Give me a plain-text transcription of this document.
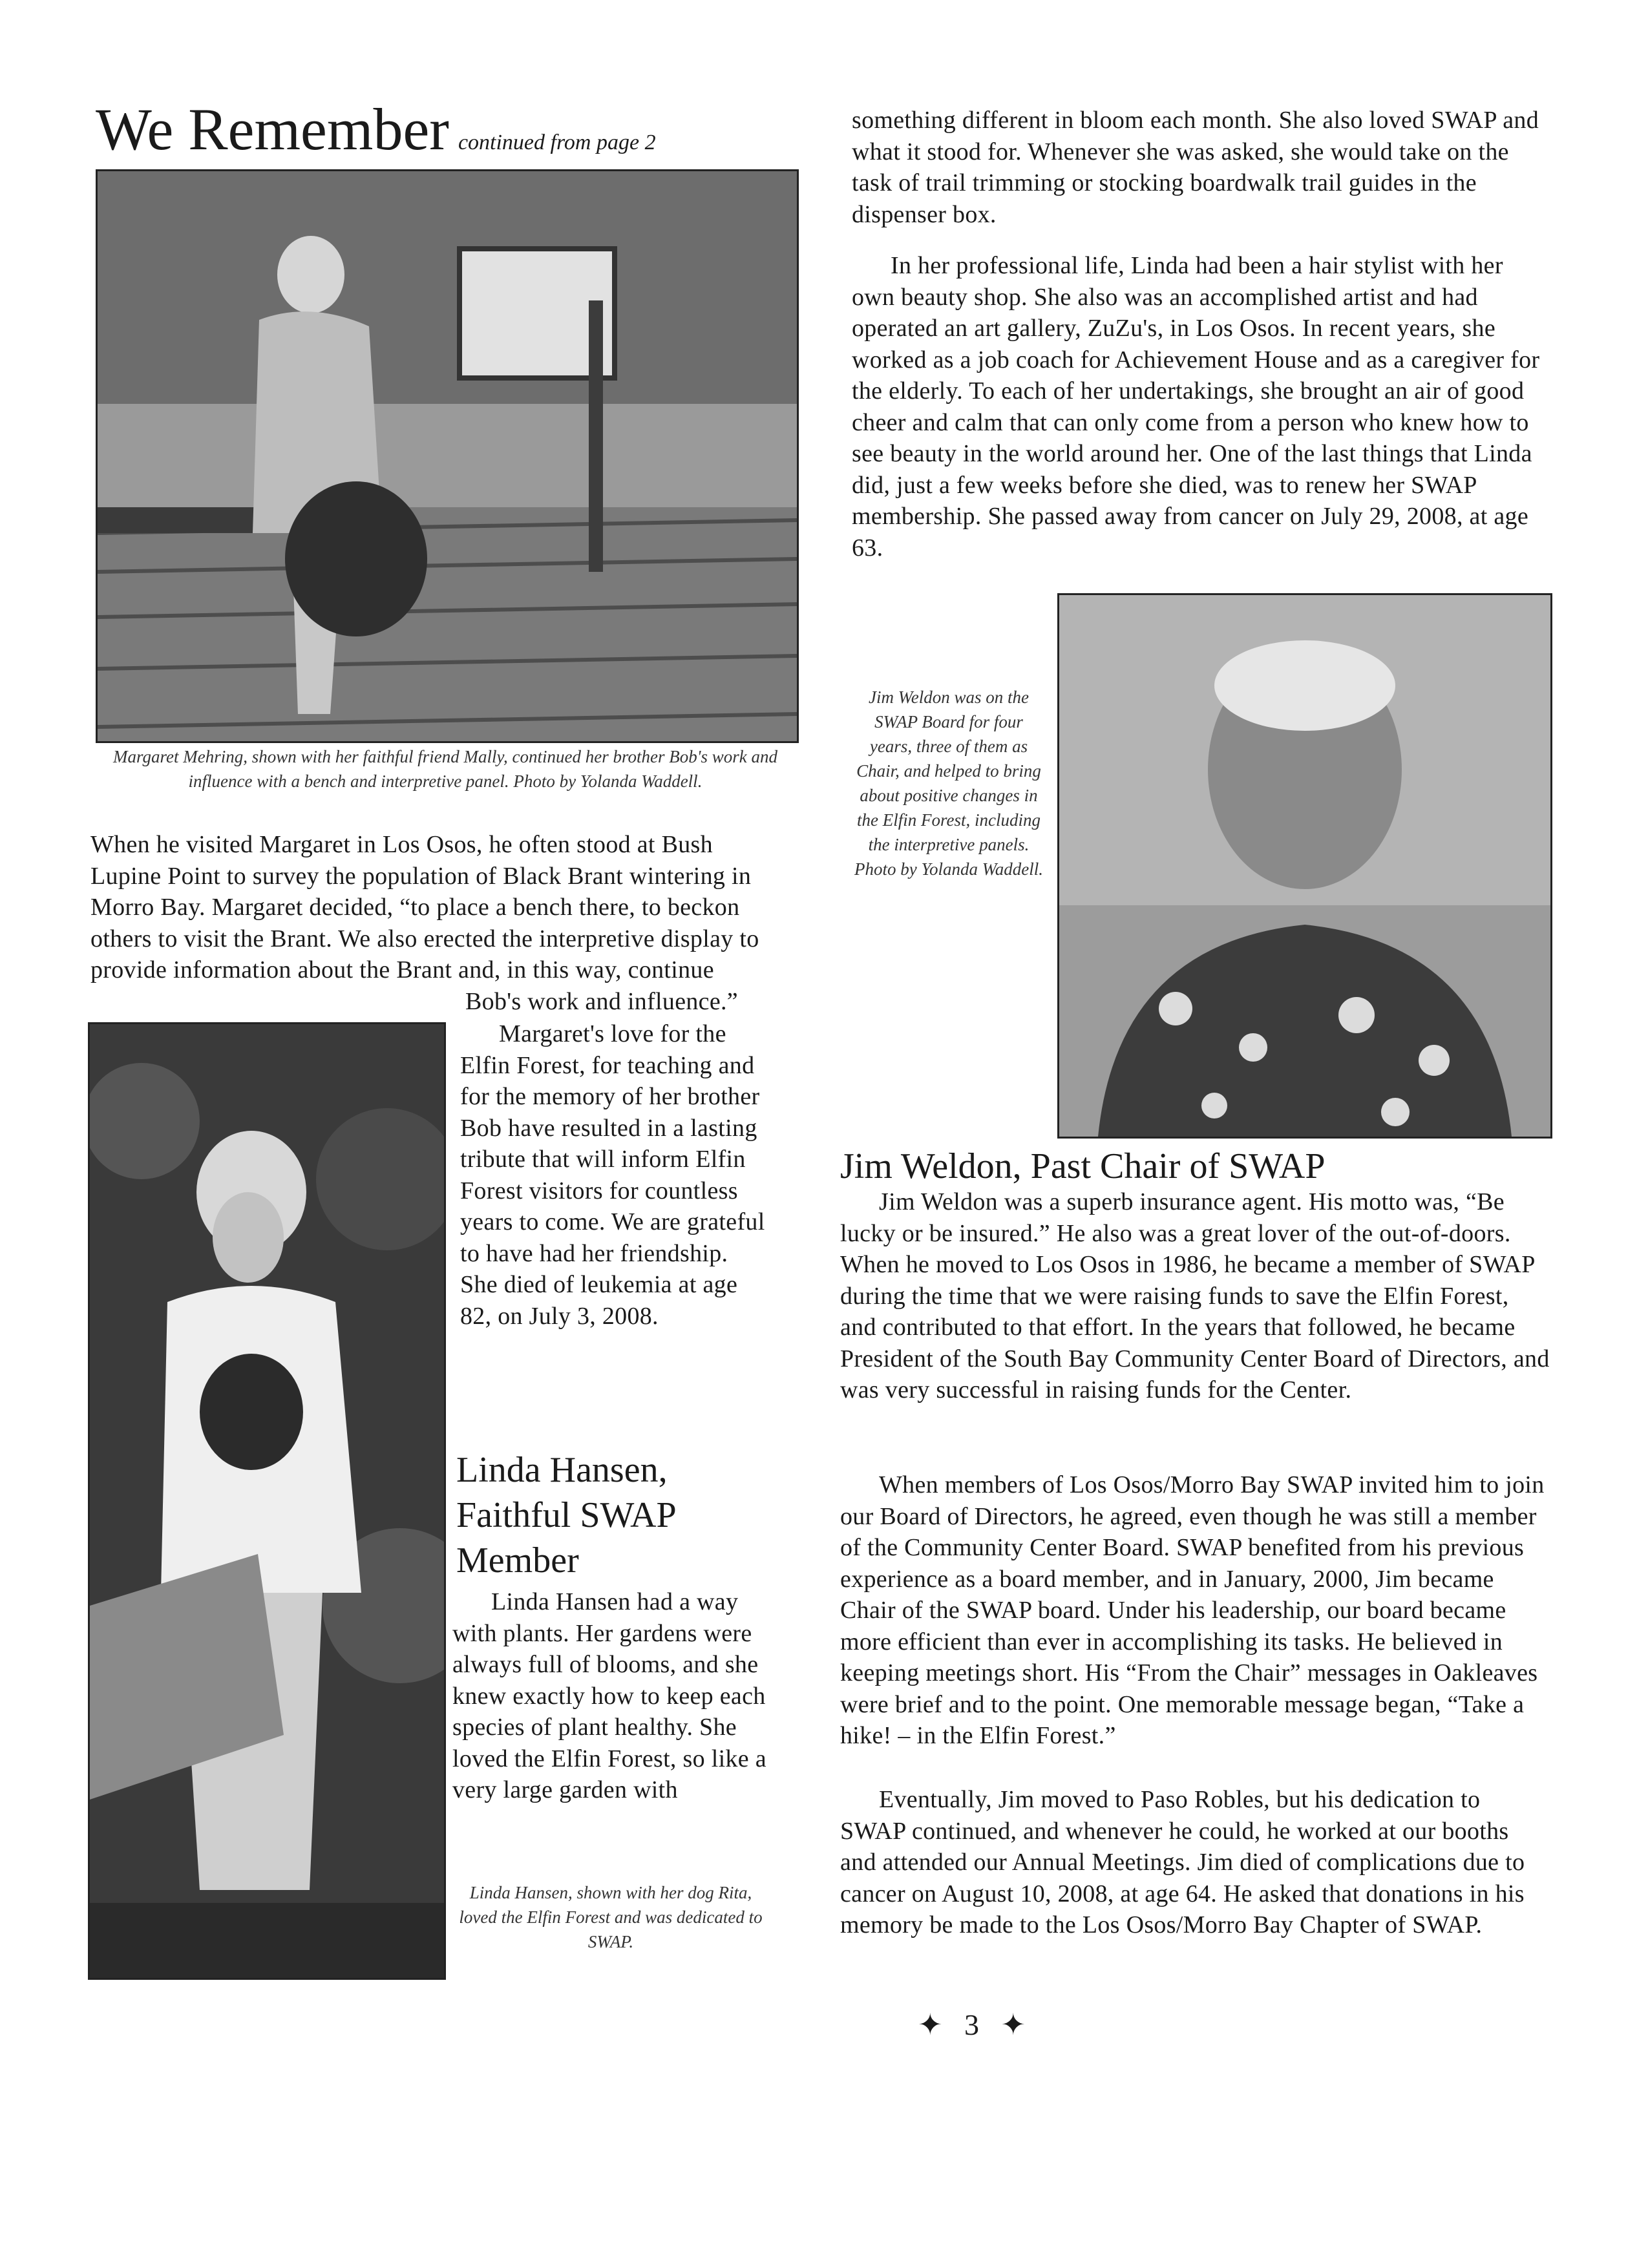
We Remember continued from page 2
Margaret Mehring, shown with her faithful friend Mally, continued her brother Bob's work and influence with a bench and interpretive panel. Photo by Yolanda Waddell.

When he visited Margaret in Los Osos, he often stood at Bush Lupine Point to survey the population of Black Brant wintering in Morro Bay. Margaret decided, “to place a bench there, to beckon others to visit the Brant. We also erected the interpretive display to provide information about the Brant and, in this way, continue

Bob's work and influence.”

Margaret's love for the Elfin Forest, for teaching and for the memory of her brother Bob have resulted in a lasting tribute that will inform Elfin Forest visitors for countless years to come. We are grateful to have had her friendship. She died of leukemia at age 82, on July 3, 2008.

Linda Hansen, Faithful SWAP Member

Linda Hansen had a way with plants. Her gardens were always full of blooms, and she knew exactly how to keep each species of plant healthy. She loved the Elfin Forest, so like a very large garden with

Linda Hansen, shown with her dog Rita, loved the Elfin Forest and was dedicated to SWAP.

something different in bloom each month. She also loved SWAP and what it stood for. Whenever she was asked, she would take on the task of trail trimming or stocking boardwalk trail guides in the dispenser box.

In her professional life, Linda had been a hair stylist with her own beauty shop. She also was an accomplished artist and had operated an art gallery, ZuZu's, in Los Osos. In recent years, she worked as a job coach for Achievement House and as a caregiver for the elderly. To each of her undertakings, she brought an air of good cheer and calm that can only come from a person who knew how to see beauty in the world around her. One of the last things that Linda did, just a few weeks before she died, was to renew her SWAP membership. She passed away from cancer on July 29, 2008, at age 63.

Jim Weldon was on the SWAP Board for four years, three of them as Chair, and helped to bring about positive changes in the Elfin Forest, including the interpretive panels. Photo by Yolanda Waddell.
Jim Weldon, Past Chair of SWAP

Jim Weldon was a superb insurance agent. His motto was, “Be lucky or be insured.” He also was a great lover of the out-of-doors. When he moved to Los Osos in 1986, he became a member of SWAP during the time that we were raising funds to save the Elfin Forest, and contributed to that effort. In the years that followed, he became President of the South Bay Community Center Board of Directors, and was very successful in raising funds for the Center.

When members of Los Osos/Morro Bay SWAP invited him to join our Board of Directors, he agreed, even though he was still a member of the Community Center Board. SWAP benefited from his previous experience as a board member, and in January, 2000, Jim became Chair of the SWAP board. Under his leadership, our board became more efficient than ever in accomplishing its tasks. He believed in keeping meetings short. His “From the Chair” messages in Oakleaves were brief and to the point. One memorable message began, “Take a hike! – in the Elfin Forest.”

Eventually, Jim moved to Paso Robles, but his dedication to SWAP continued, and whenever he could, he worked at our booths and attended our Annual Meetings. Jim died of complications due to cancer on August 10, 2008, at age 64. He asked that donations in his memory be made to the Los Osos/Morro Bay Chapter of SWAP.

✦ 3 ✦
